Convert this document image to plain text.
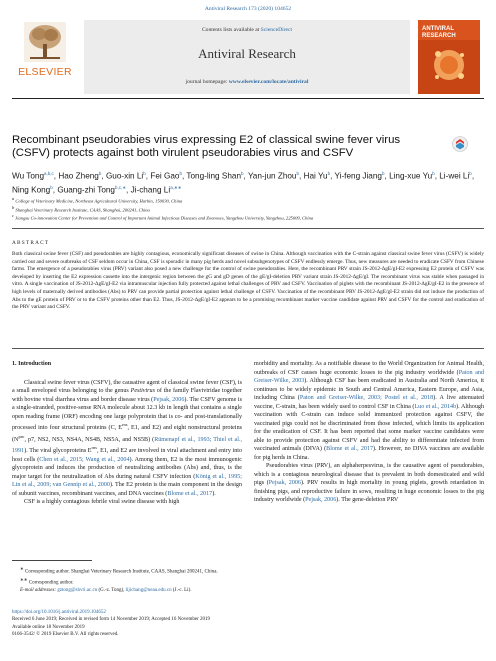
Antiviral Research 173 (2020) 104652
ELSEVIER
Contents lists available at ScienceDirect
Antiviral Research
journal homepage: www.elsevier.com/locate/antiviral
ANTIVIRAL RESEARCH
Recombinant pseudorabies virus expressing E2 of classical swine fever virus (CSFV) protects against both virulent pseudorabies virus and CSFV
Wu Tong$^{a,b,c}$, Hao Zheng$^b$, Guo-xin Li$^b$, Fei Gao$^b$, Tong-ling Shan$^b$, Yan-jun Zhou$^b$, Hai Yu$^b$, Yi-feng Jiang$^b$, Ling-xue Yu$^b$, Li-wei Li$^b$, Ning Kong$^b$, Guang-zhi Tong$^{b,c,∗}$, Ji-chang $Li^{a,∗∗}$
$^a$ College of Veterinary Medicine, Northeast Agricultural University, Harbin, 150030, China
$^b$ Shanghai Veterinary Research Institute, CAAS, Shanghai, 200241, China
$^c$ Jiangsu Co-innovation Center for Prevention and Control of Important Animal Infectious Diseases and Zoonoses, Yangzhou University, Yangzhou, 225009, China
ABSTRACT
Both classical swine fever (CSF) and pseudorabies are highly contagious, economically significant diseases of swine in China. Although vaccination with the C-strain against classical swine fever virus (CSFV) is widely carried out and severe outbreaks of CSF seldom occur in China, CSF is sporadic in many pig herds and novel subsubgenotypes of CSFV endlessly emerge. Thus, new measures are needed to eradicate CSFV from Chinese farms. The emergence of a pseudorabies virus (PRV) variant also posed a new challenge for the control of swine pseudorabies. Here, the recombinant PRV strain JS-2012-ΔgE/gI-E2 expressing E2 protein of CSFV was developed by inserting the E2 expression cassette into the intergenic region between the gG and gD genes of the gE/gI-deletion PRV variant strain JS-2012-ΔgE/gI. The recombinant virus was stable when passaged in vitro. A single vaccination of JS-2012-ΔgE/gI-E2 via intramuscular injection fully protected against lethal challenges of PRV and CSFV. Vaccination of piglets with the recombinant JS-2012-ΔgE/gI-E2 in the presence of high levels of maternally derived antibodies (Abs) to PRV can provide partial protection against lethal challenge of CSFV. Vaccination of the recombinant PRV JS-2012-ΔgE/gI-E2 strain did not induce the production of Abs to the gE protein of PRV or to the CSFV proteins other than E2. Thus, JS-2012-ΔgE/gI-E2 appears to be a promising recombinant marker vaccine candidate against PRV and CSFV for the control and eradication of the PRV variant and CSFV.
1. Introduction

Classical swine fever virus (CSFV), the causative agent of classical swine fever (CSF), is a small enveloped virus belonging to the genus Pestivirus of the family Flaviviridae together with bovine viral diarrhea virus and border disease virus (Pejsak, 2006). The CSFV genome is a single-stranded, positive-sense RNA molecule about 12.3 kb in length that contains a single open reading frame (ORF) encoding one large polyprotein that is co- and post-translationally processed into four structural proteins (C, $E^{rns}$, E1, and E2) and eight nonstructural proteins ($N^{pro}$, p7, NS2, NS3, NS4A, NS4B, NS5A, and NS5B) (Rümenapf et al., 1993; Thiel et al., 1991). The viral glycoproteins $E^{rns}$, E1, and E2 are involved in viral attachment and entry into host cells (Chen et al., 2015; Wang et al., 2004). Among them, E2 is the most immunogenic glycoprotein and induces the production of neutralizing antibodies (Abs) and, thus, is the major target for the neutralization of Abs during natural CSFV infection (König et al., 1995; Lin et al., 2009; van Gennip et al., 2000). The E2 protein is the main component in the design of subunit vaccines, recombinant vaccines, and DNA vaccines (Blome et al., 2017).

CSF is a highly contagious febrile viral swine disease with high

morbidity and mortality. As a notifiable disease to the World Organization for Animal Health, outbreaks of CSF causes huge economic losses to the pig industry worldwide (Paton and Greiser-Wilke, 2003). Although CSF has been eradicated in Australia and North America, it continues to be widely epidemic in South and Central America, Eastern Europe, and Asia, including China (Paton and Greiser-Wilke, 2003; Postel et al., 2018). A live attenuated vaccine, C-strain, has been widely used to control CSF in China (Luo et al., 2014b). Although vaccination with C-strain can induce solid immunized protection against CSFV, the vaccinated pigs could not be discriminated from those infected, which limits its application for the eradication of CSF. It has been reported that some marker vaccine candidates were able to provide protection against CSFV and had the ability to differentiate infected from vaccinated animals (DIVA) (Blome et al., 2017). However, no DIVA vaccines are available for pig herds in China.

Pseudorabies virus (PRV), an alphaherpesvirus, is the causative agent of pseudorabies, which is a contagious neurological disease that is prevalent in both domesticated and wild pigs (Pejsak, 2006). PRV results in high mortality in young piglets, growth retardation in finishing pigs, and reproductive failure in sows, resulting in huge economic losses to the pig industry worldwide (Pejsak, 2006). The gene-deletion PRV

∗ Corresponding author. Shanghai Veterinary Research Institute, CAAS, Shanghai 200241, China.
∗∗ Corresponding author.
E-mail addresses: gztong@shvri.ac.cn (G.-z. Tong), lijichang@neau.edu.cn (J.-c. Li).
https://doi.org/10.1016/j.antiviral.2019.104652
Received 6 June 2019; Received in revised form 14 November 2019; Accepted 16 November 2019
Available online 18 November 2019
0166-3542/ © 2019 Elsevier B.V. All rights reserved.
